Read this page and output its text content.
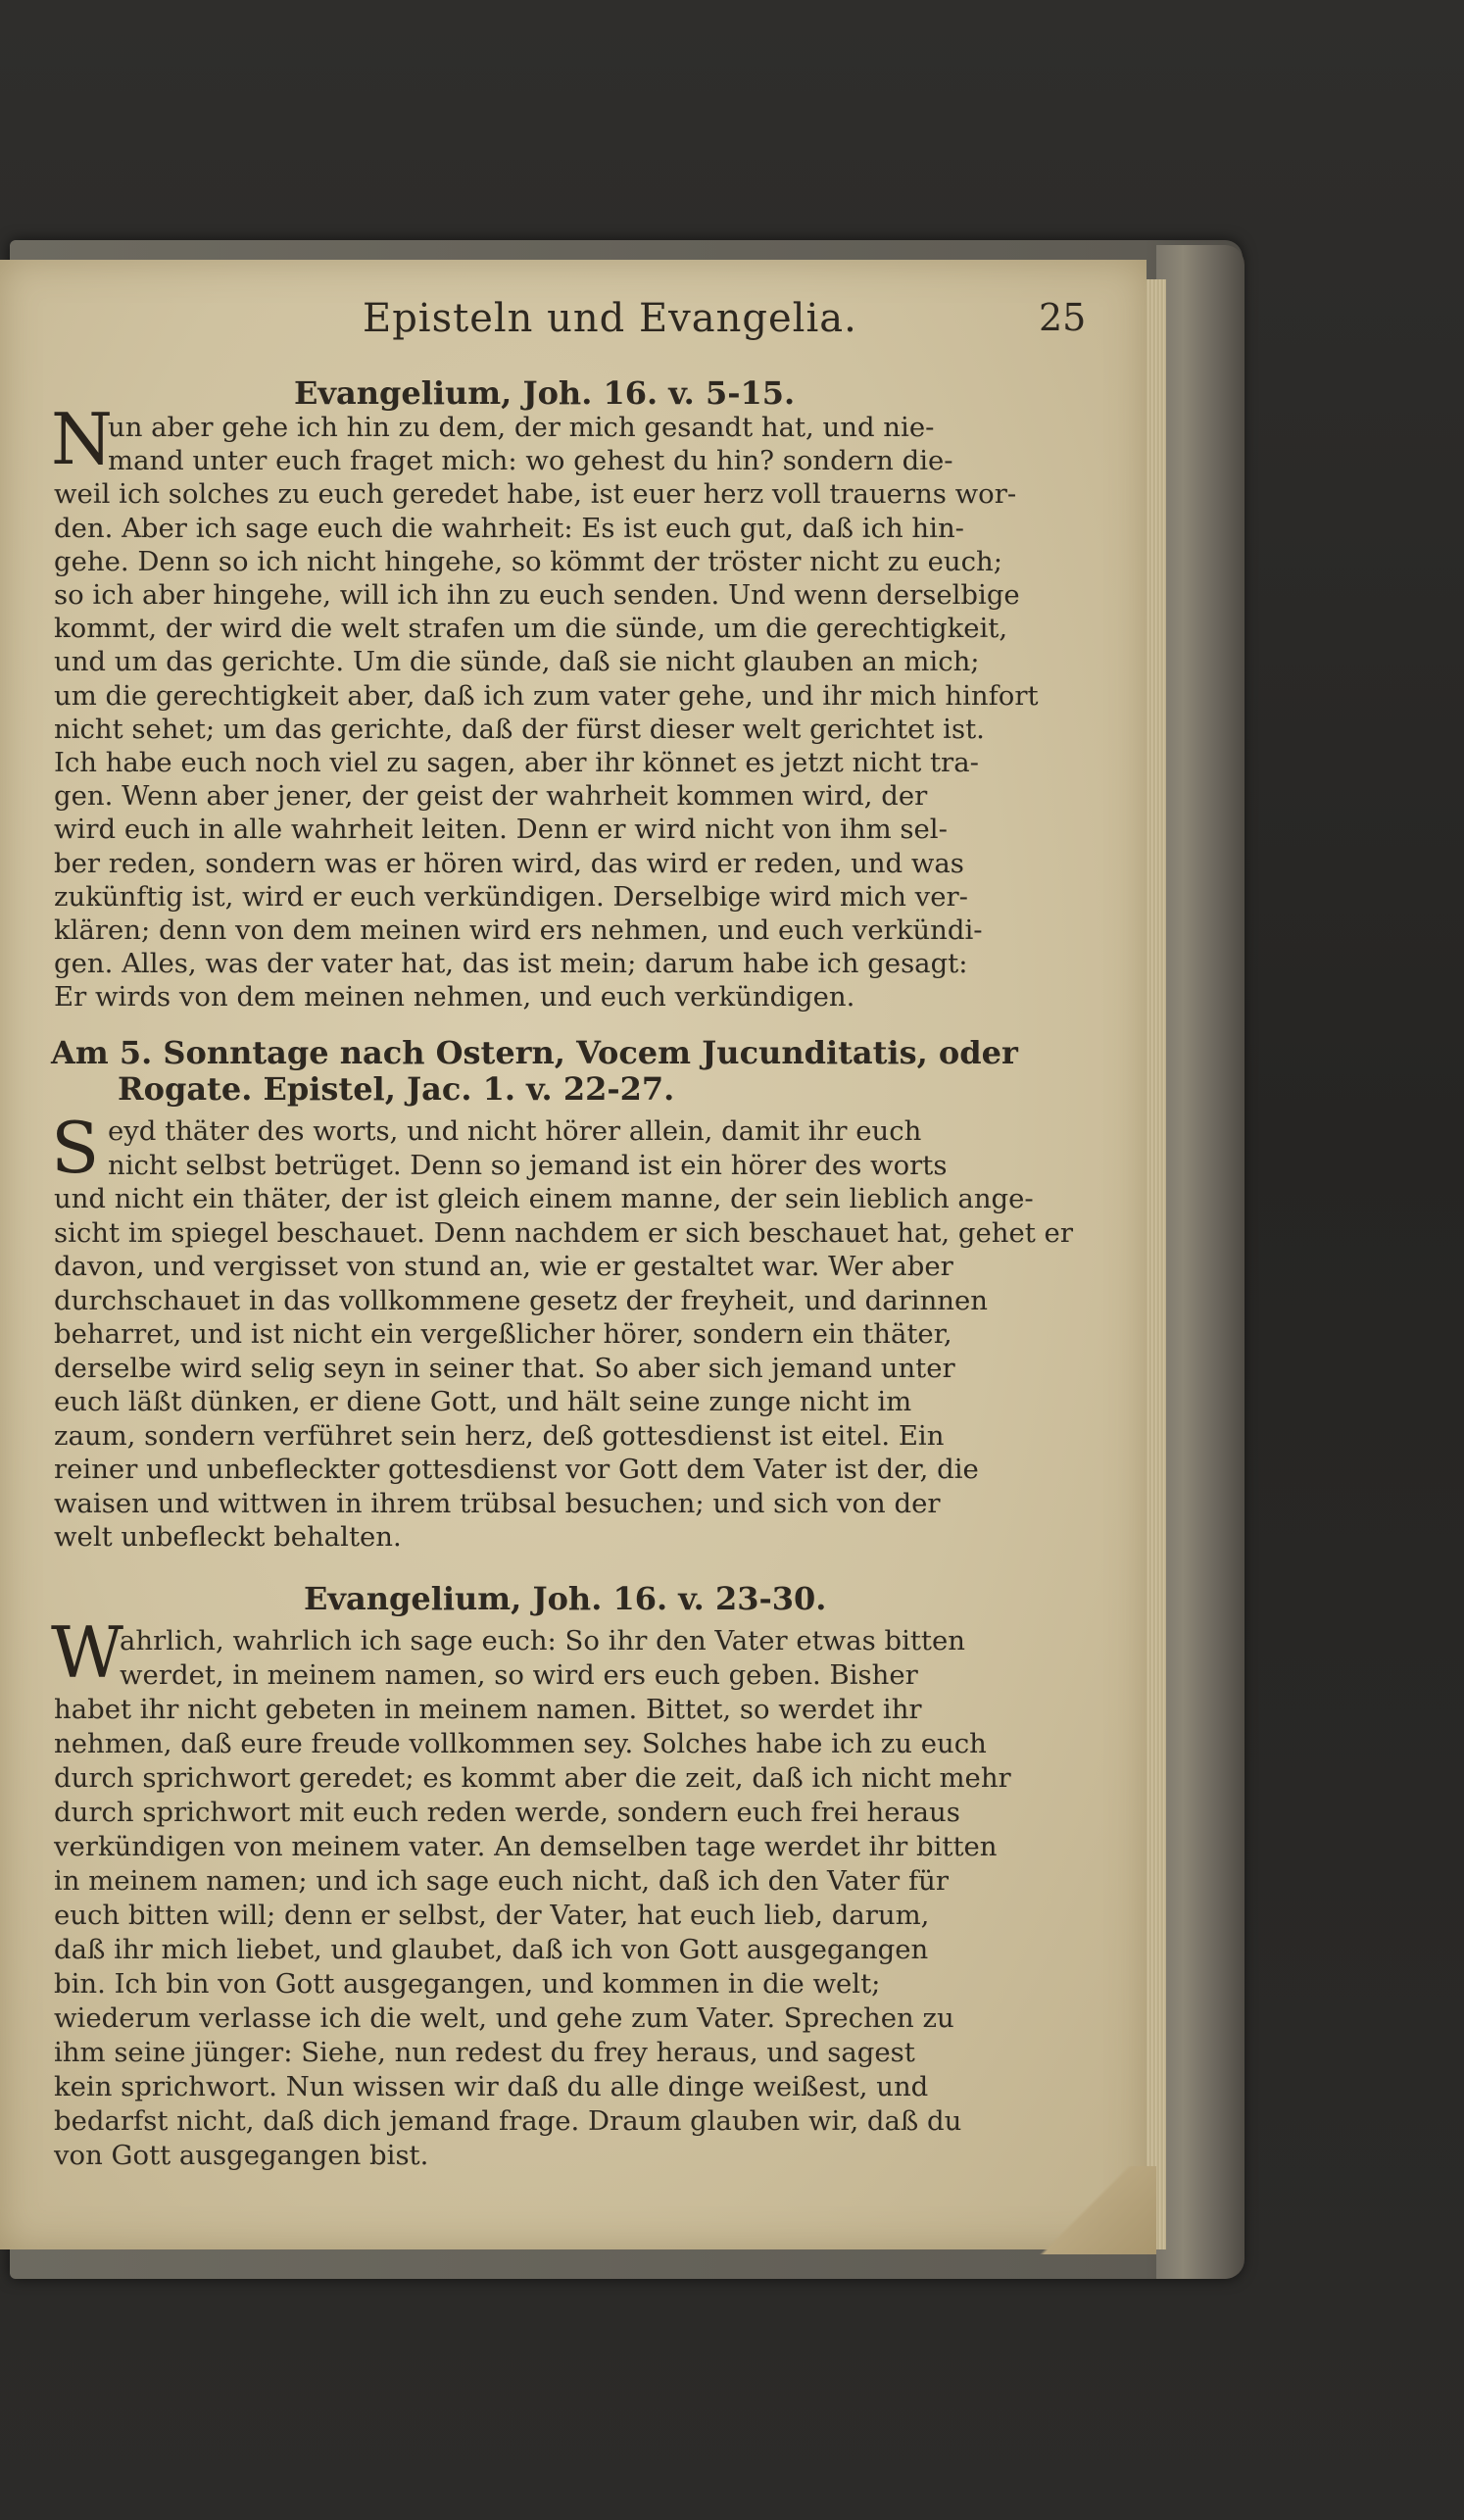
Episteln und Evangelia.	25
Evangelium, Joh. 16. v. 5-15.
N
un aber gehe ich hin zu dem, der mich gesandt hat, und nie-
mand unter euch fraget mich: wo gehest du hin? sondern die-
weil ich solches zu euch geredet habe, ist euer herz voll trauerns wor-
den. Aber ich sage euch die wahrheit: Es ist euch gut, daß ich hin-
gehe. Denn so ich nicht hingehe, so kömmt der tröster nicht zu euch;
so ich aber hingehe, will ich ihn zu euch senden. Und wenn derselbige
kommt, der wird die welt strafen um die sünde, um die gerechtigkeit,
und um das gerichte. Um die sünde, daß sie nicht glauben an mich;
um die gerechtigkeit aber, daß ich zum vater gehe, und ihr mich hinfort
nicht sehet; um das gerichte, daß der fürst dieser welt gerichtet ist.
Ich habe euch noch viel zu sagen, aber ihr könnet es jetzt nicht tra-
gen. Wenn aber jener, der geist der wahrheit kommen wird, der
wird euch in alle wahrheit leiten. Denn er wird nicht von ihm sel-
ber reden, sondern was er hören wird, das wird er reden, und was
zukünftig ist, wird er euch verkündigen. Derselbige wird mich ver-
klären; denn von dem meinen wird ers nehmen, und euch verkündi-
gen. Alles, was der vater hat, das ist mein; darum habe ich gesagt:
Er wirds von dem meinen nehmen, und euch verkündigen.
Am 5. Sonntage nach Ostern, Vocem Jucunditatis, oder
Rogate. Epistel, Jac. 1. v. 22-27.
S eyd thäter des worts, und nicht hörer allein, damit ihr euch
nicht selbst betrüget. Denn so jemand ist ein hörer des worts
und nicht ein thäter, der ist gleich einem manne, der sein lieblich ange-
sicht im spiegel beschauet. Denn nachdem er sich beschauet hat, gehet er
davon, und vergisset von stund an, wie er gestaltet war. Wer aber
durchschauet in das vollkommene gesetz der freyheit, und darinnen
beharret, und ist nicht ein vergeßlicher hörer, sondern ein thäter,
derselbe wird selig seyn in seiner that. So aber sich jemand unter
euch läßt dünken, er diene Gott, und hält seine zunge nicht im
zaum, sondern verführet sein herz, deß gottesdienst ist eitel. Ein
reiner und unbefleckter gottesdienst vor Gott dem Vater ist der, die
waisen und wittwen in ihrem trübsal besuchen; und sich von der
welt unbefleckt behalten.
Evangelium, Joh. 16. v. 23-30.
W
ahrlich, wahrlich ich sage euch: So ihr den Vater etwas bitten
werdet, in meinem namen, so wird ers euch geben. Bisher
habet ihr nicht gebeten in meinem namen. Bittet, so werdet ihr
nehmen, daß eure freude vollkommen sey. Solches habe ich zu euch
durch sprichwort geredet; es kommt aber die zeit, daß ich nicht mehr
durch sprichwort mit euch reden werde, sondern euch frei heraus
verkündigen von meinem vater. An demselben tage werdet ihr bitten
in meinem namen; und ich sage euch nicht, daß ich den Vater für
euch bitten will; denn er selbst, der Vater, hat euch lieb, darum,
daß ihr mich liebet, und glaubet, daß ich von Gott ausgegangen
bin. Ich bin von Gott ausgegangen, und kommen in die welt;
wiederum verlasse ich die welt, und gehe zum Vater. Sprechen zu
ihm seine jünger: Siehe, nun redest du frey heraus, und sagest
kein sprichwort. Nun wissen wir daß du alle dinge weißest, und
bedarfst nicht, daß dich jemand frage. Draum glauben wir, daß du
von Gott ausgegangen bist.
